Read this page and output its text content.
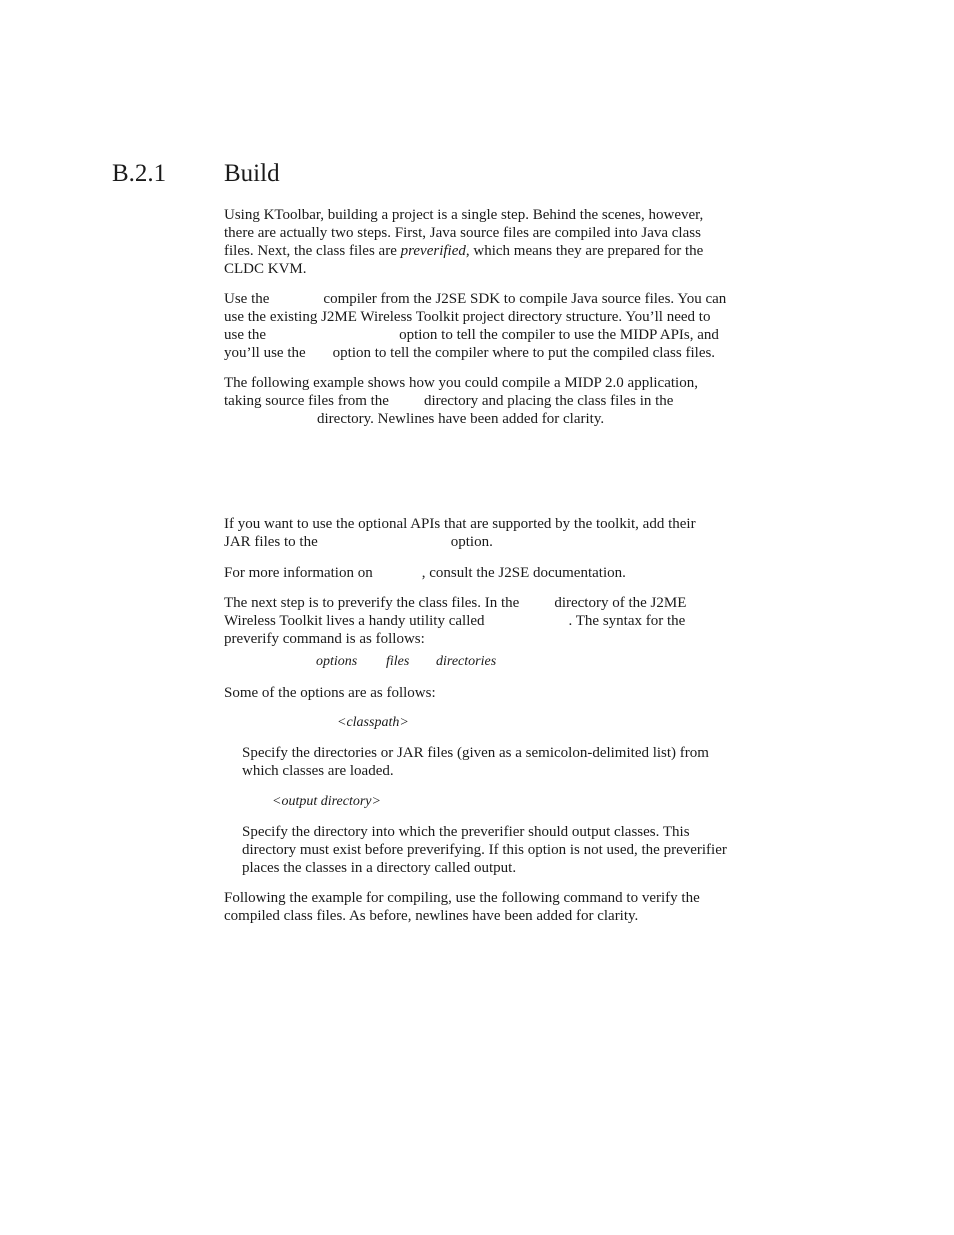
B.2.1 Build

Using KToolbar, building a project is a single step. Behind the scenes, however,
there are actually two steps. First, Java source files are compiled into Java class
files. Next, the class files are preverified, which means they are prepared for the
CLDC KVM.

Use the	compiler from the J2SE SDK to compile Java source files. You can
use the existing J2ME Wireless Toolkit project directory structure. You’ll need to
use the	option to tell the compiler to use the MIDP APIs, and
you’ll use the option to tell the compiler where to put the compiled class files.

The following example shows how you could compile a MIDP 2.0 application,
taking source files from the directory and placing the class files in the
directory. Newlines have been added for clarity.

If you want to use the optional APIs that are supported by the toolkit, add their
JAR files to the	option.

For more information on	, consult the J2SE documentation.

The next step is to preverify the class files. In the directory of the J2ME
Wireless Toolkit lives a handy utility called	. The syntax for the
preverify command is as follows:

options files directories

Some of the options are as follows:

<classpath>

Specify the directories or JAR files (given as a semicolon-delimited list) from
which classes are loaded.

<output directory>

Specify the directory into which the preverifier should output classes. This
directory must exist before preverifying. If this option is not used, the preverifier
places the classes in a directory called output.

Following the example for compiling, use the following command to verify the
compiled class files. As before, newlines have been added for clarity.
